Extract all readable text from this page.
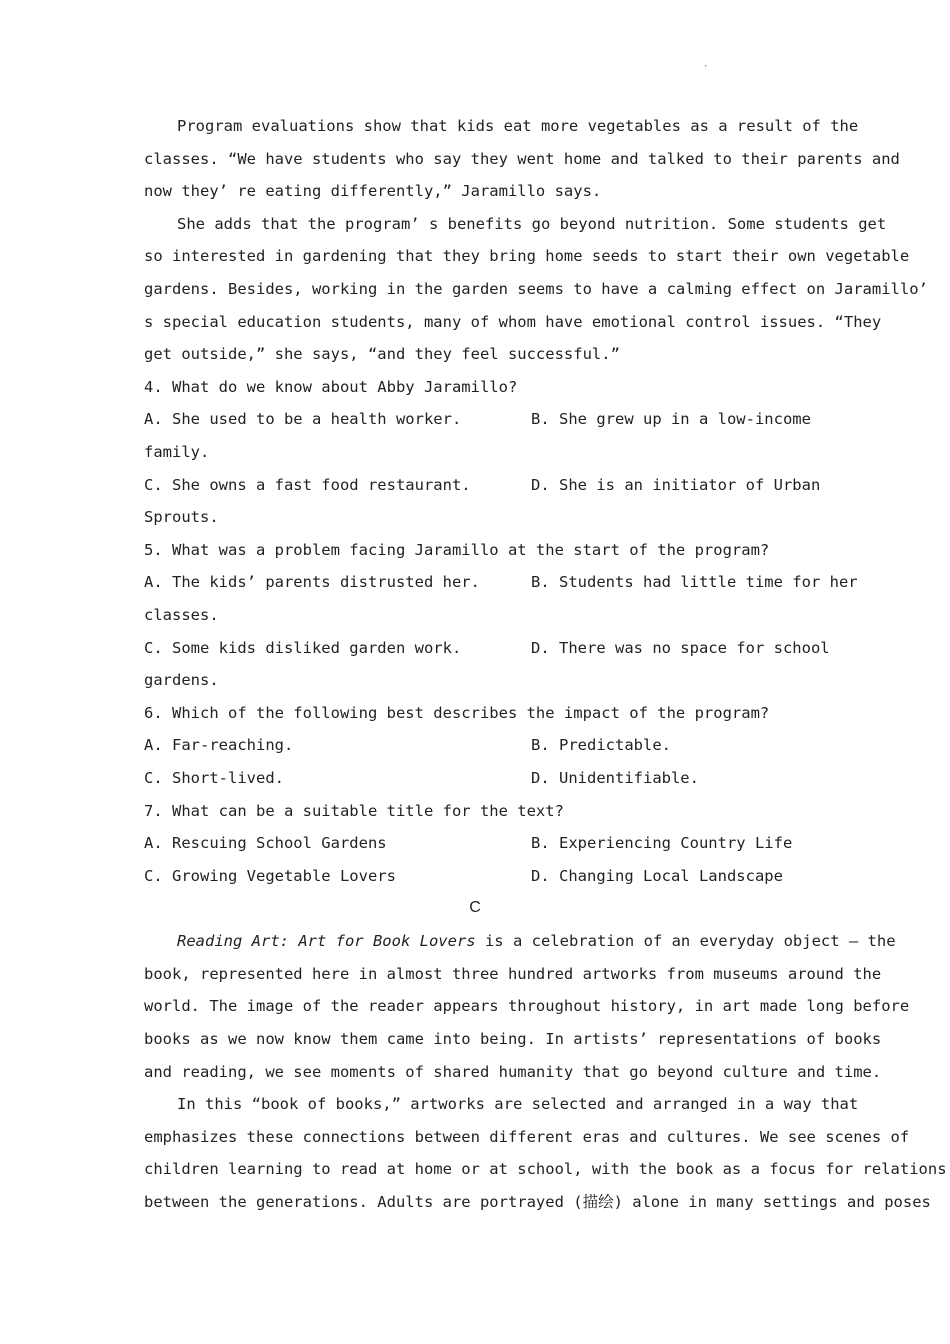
·
Program evaluations show that kids eat more vegetables as a result of the
classes. “We have students who say they went home and talked to their parents and
now they’ re eating differently,” Jaramillo says.
She adds that the program’ s benefits go beyond nutrition. Some students get
so interested in gardening that they bring home seeds to start their own vegetable
gardens. Besides, working in the garden seems to have a calming effect on Jaramillo’
s special education students, many of whom have emotional control issues. “They
get outside,” she says, “and they feel successful.”
4. What do we know about Abby Jaramillo?
A. She used to be a health worker.	B. She grew up in a low-income
family.
C. She owns a fast food restaurant.	D. She is an initiator of Urban
Sprouts.
5. What was a problem facing Jaramillo at the start of the program?
A. The kids’ parents distrusted her.	B. Students had little time for her
classes.
C. Some kids disliked garden work.	D. There was no space for school
gardens.
6. Which of the following best describes the impact of the program?
A. Far-reaching.	B. Predictable.
C. Short-lived.	D. Unidentifiable.
7. What can be a suitable title for the text?
A. Rescuing School Gardens	B. Experiencing Country Life
C. Growing Vegetable Lovers	D. Changing Local Landscape
C
Reading Art: Art for Book Lovers is a celebration of an everyday object — the
book, represented here in almost three hundred artworks from museums around the
world. The image of the reader appears throughout history, in art made long before
books as we now know them came into being. In artists’ representations of books
and reading, we see moments of shared humanity that go beyond culture and time.
In this “book of books,” artworks are selected and arranged in a way that
emphasizes these connections between different eras and cultures. We see scenes of
children learning to read at home or at school, with the book as a focus for relations
between the generations. Adults are portrayed (描绘) alone in many settings and poses
